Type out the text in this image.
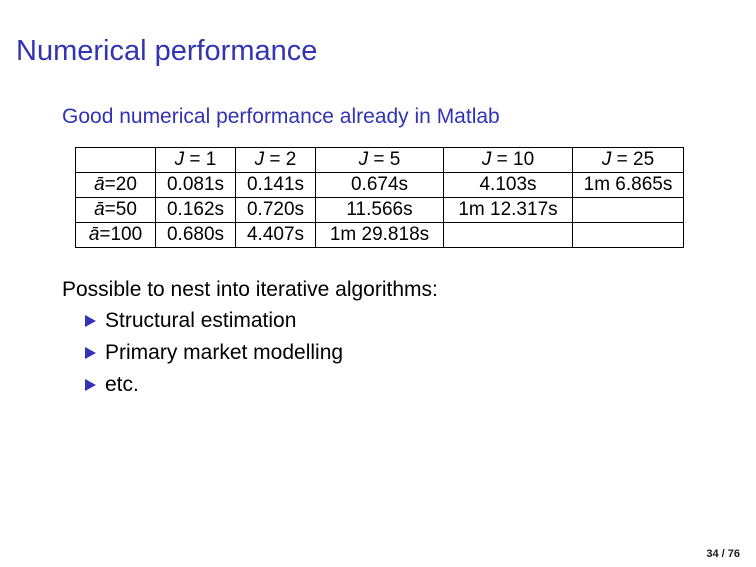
Numerical performance
Good numerical performance already in Matlab
	J = 1	J = 2	J = 5	J = 10	J = 25
ā=20	0.081s	0.141s	0.674s	4.103s	1m 6.865s
ā=50	0.162s	0.720s	11.566s	1m 12.317s	
ā=100	0.680s	4.407s	1m 29.818s		
Possible to nest into iterative algorithms:
Structural estimation
Primary market modelling
etc.
34 / 76
